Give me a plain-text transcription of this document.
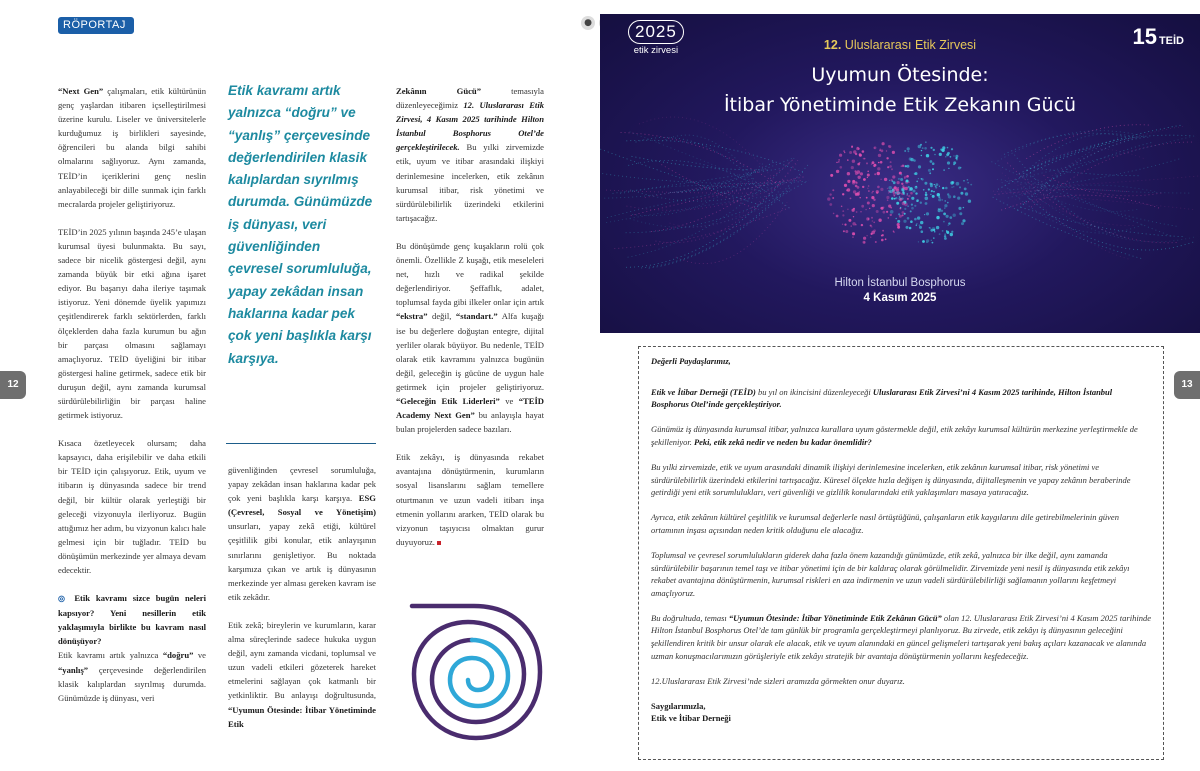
RÖPORTAJ

“Next Gen” çalışmaları, etik kültürünün genç yaşlardan itibaren içselleştirilmesi üzerine kurulu. Liseler ve üniversitelerle kurduğumuz iş birlikleri sayesinde, öğrencileri bu alanda bilgi sahibi olmalarını sağlıyoruz. Aynı zamanda, TEİD’in içeriklerini genç neslin anlayabileceği bir dille sunmak için farklı mecralarda projeler geliştiriyoruz.

TEİD’in 2025 yılının başında 245’e ulaşan kurumsal üyesi bulunmakta. Bu sayı, sadece bir nicelik göstergesi değil, aynı zamanda büyük bir etki ağına işaret ediyor. Bu başarıyı daha ileriye taşımak istiyoruz. Yeni dönemde üyelik yapımızı çeşitlendirerek farklı sektörlerden, farklı ölçeklerden daha fazla kurumun bu ağın bir parçası olmasını sağlamayı amaçlıyoruz. TEİD üyeliğini bir itibar göstergesi haline getirmek, sadece etik bir duruşun değil, aynı zamanda kurumsal sürdürülebilirliğin bir parçası haline getirmek istiyoruz.

Kısaca özetleyecek olursam; daha kapsayıcı, daha erişilebilir ve daha etkili bir TEİD için çalışıyoruz. Etik, uyum ve itibarın iş dünyasında sadece bir trend değil, bir kültür olarak yerleştiği bir geleceği vizyonuyla ilerliyoruz. Bugün attığımız her adım, bu vizyonun kalıcı hale gelmesi için bir tuğladır. TEİD bu dönüşümün merkezinde yer almaya devam edecektir.

◎ Etik kavramı sizce bugün neleri kapsıyor? Yeni nesillerin etik yaklaşımıyla birlikte bu kavram nasıl dönüşüyor?
Etik kavramı artık yalnızca “doğru” ve “yanlış” çerçevesinde değerlendirilen klasik kalıplardan sıyrılmış durumda. Günümüzde iş dünyası, veri

Etik kavramı artık yalnızca “doğru” ve “yanlış” çerçevesinde değerlendirilen klasik kalıplardan sıyrılmış durumda. Günümüzde iş dünyası, veri güvenliğinden çevresel sorumluluğa, yapay zekâdan insan haklarına kadar pek çok yeni başlıkla karşı karşıya.

güvenliğinden çevresel sorumluluğa, yapay zekâdan insan haklarına kadar pek çok yeni başlıkla karşı karşıya. ESG (Çevresel, Sosyal ve Yönetişim) unsurları, yapay zekâ etiği, kültürel çeşitlilik gibi konular, etik anlayışının sınırlarını genişletiyor. Bu noktada karşımıza çıkan ve artık iş dünyasının merkezinde yer alması gereken kavram ise etik zekâdır.

Etik zekâ; bireylerin ve kurumların, karar alma süreçlerinde sadece hukuka uygun değil, aynı zamanda vicdani, toplumsal ve uzun vadeli etkileri gözeterek hareket etmelerini sağlayan çok katmanlı bir yetkinliktir. Bu anlayışı doğrultusunda, “Uyumun Ötesinde: İtibar Yönetiminde Etik

Zekânın Gücü” temasıyla düzenleyeceğimiz 12. Uluslararası Etik Zirvesi, 4 Kasım 2025 tarihinde Hilton İstanbul Bosphorus Otel’de gerçekleştirilecek. Bu yılki zirvemizde etik, uyum ve itibar arasındaki ilişkiyi derinlemesine incelerken, etik zekânın kurumsal itibar, risk yönetimi ve sürdürülebilirlik üzerindeki etkilerini tartışacağız.

Bu dönüşümde genç kuşakların rolü çok önemli. Özellikle Z kuşağı, etik meseleleri net, hızlı ve radikal şekilde değerlendiriyor. Şeffaflık, adalet, toplumsal fayda gibi ilkeler onlar için artık “ekstra” değil, “standart.” Alfa kuşağı ise bu değerlere doğuştan entegre, dijital yerliler olarak büyüyor. Bu nedenle, TEİD olarak etik kavramını yalnızca bugünün değil, geleceğin iş gücüne de uygun hale getirmek için projeler geliştiriyoruz. “Geleceğin Etik Liderleri” ve “TEİD Academy Next Gen” bu anlayışla hayat bulan projelerden sadece bazıları.

Etik zekâyı, iş dünyasında rekabet avantajına dönüştürmenin, kurumların sosyal lisanslarını sağlam temellere oturtmanın ve uzun vadeli itibarı inşa etmenin yollarını ararken, TEİD olarak bu vizyonun taşıyıcısı olmaktan gurur duyuyoruz.

12
●	2025
etik zirvesi
15 TEİD
12. Uluslararası Etik Zirvesi
Uyumun Ötesinde:
İtibar Yönetiminde Etik Zekanın Gücü
Hilton İstanbul Bosphorus
4 Kasım 2025

Değerli Paydaşlarımız,

Etik ve İtibar Derneği (TEİD) bu yıl on ikincisini düzenleyeceği Uluslararası Etik Zirvesi’ni 4 Kasım 2025 tarihinde, Hilton İstanbul Bosphorus Otel’inde gerçekleştiriyor.

Günümüz iş dünyasında kurumsal itibar, yalnızca kurallara uyum göstermekle değil, etik zekâyı kurumsal kültürün merkezine yerleştirmekle de şekilleniyor. Peki, etik zekâ nedir ve neden bu kadar önemlidir?

Bu yılki zirvemizde, etik ve uyum arasındaki dinamik ilişkiyi derinlemesine incelerken, etik zekânın kurumsal itibar, risk yönetimi ve sürdürülebilirlik üzerindeki etkilerini tartışacağız. Küresel ölçekte hızla değişen iş dünyasında, dijitalleşmenin ve yapay zekânın beraberinde getirdiği yeni etik sorumlulukları, veri güvenliği ve gizlilik konularındaki etik yaklaşımları masaya yatıracağız.

Ayrıca, etik zekânın kültürel çeşitlilik ve kurumsal değerlerle nasıl örtüştüğünü, çalışanların etik kaygılarını dile getirebilmelerinin güven ortamının inşası açısından neden kritik olduğunu ele alacağız.

Toplumsal ve çevresel sorumlulukların giderek daha fazla önem kazandığı günümüzde, etik zekâ, yalnızca bir ilke değil, aynı zamanda sürdürülebilir başarının temel taşı ve itibar yönetimi için de bir kaldıraç olarak görülmelidir. Zirvemizde yeni nesil iş dünyasında etik zekâyı rekabet avantajına dönüştürmenin, kurumsal riskleri en aza indirmenin ve uzun vadeli sürdürülebilirliği sağlamanın yollarını keşfetmeyi amaçlıyoruz.

Bu doğrultuda, teması “Uyumun Ötesinde: İtibar Yönetiminde Etik Zekânın Gücü” olan 12. Uluslararası Etik Zirvesi’ni 4 Kasım 2025 tarihinde Hilton İstanbul Bosphorus Otel’de tam günlük bir programla gerçekleştirmeyi planlıyoruz. Bu zirvede, etik zekâyı iş dünyasının geleceğini şekillendiren kritik bir unsur olarak ele alacak, etik ve uyum alanındaki en güncel gelişmeleri tartışarak yeni bakış açıları kazanacak ve alanında uzman konuşmacılarımızın görüşleriyle etik zekâyı stratejik bir avantaja dönüştürmenin yollarını keşfedeceğiz.

12.Uluslararası Etik Zirvesi’nde sizleri aramızda görmekten onur duyarız.

Saygılarımızla,
Etik ve İtibar Derneği
13
